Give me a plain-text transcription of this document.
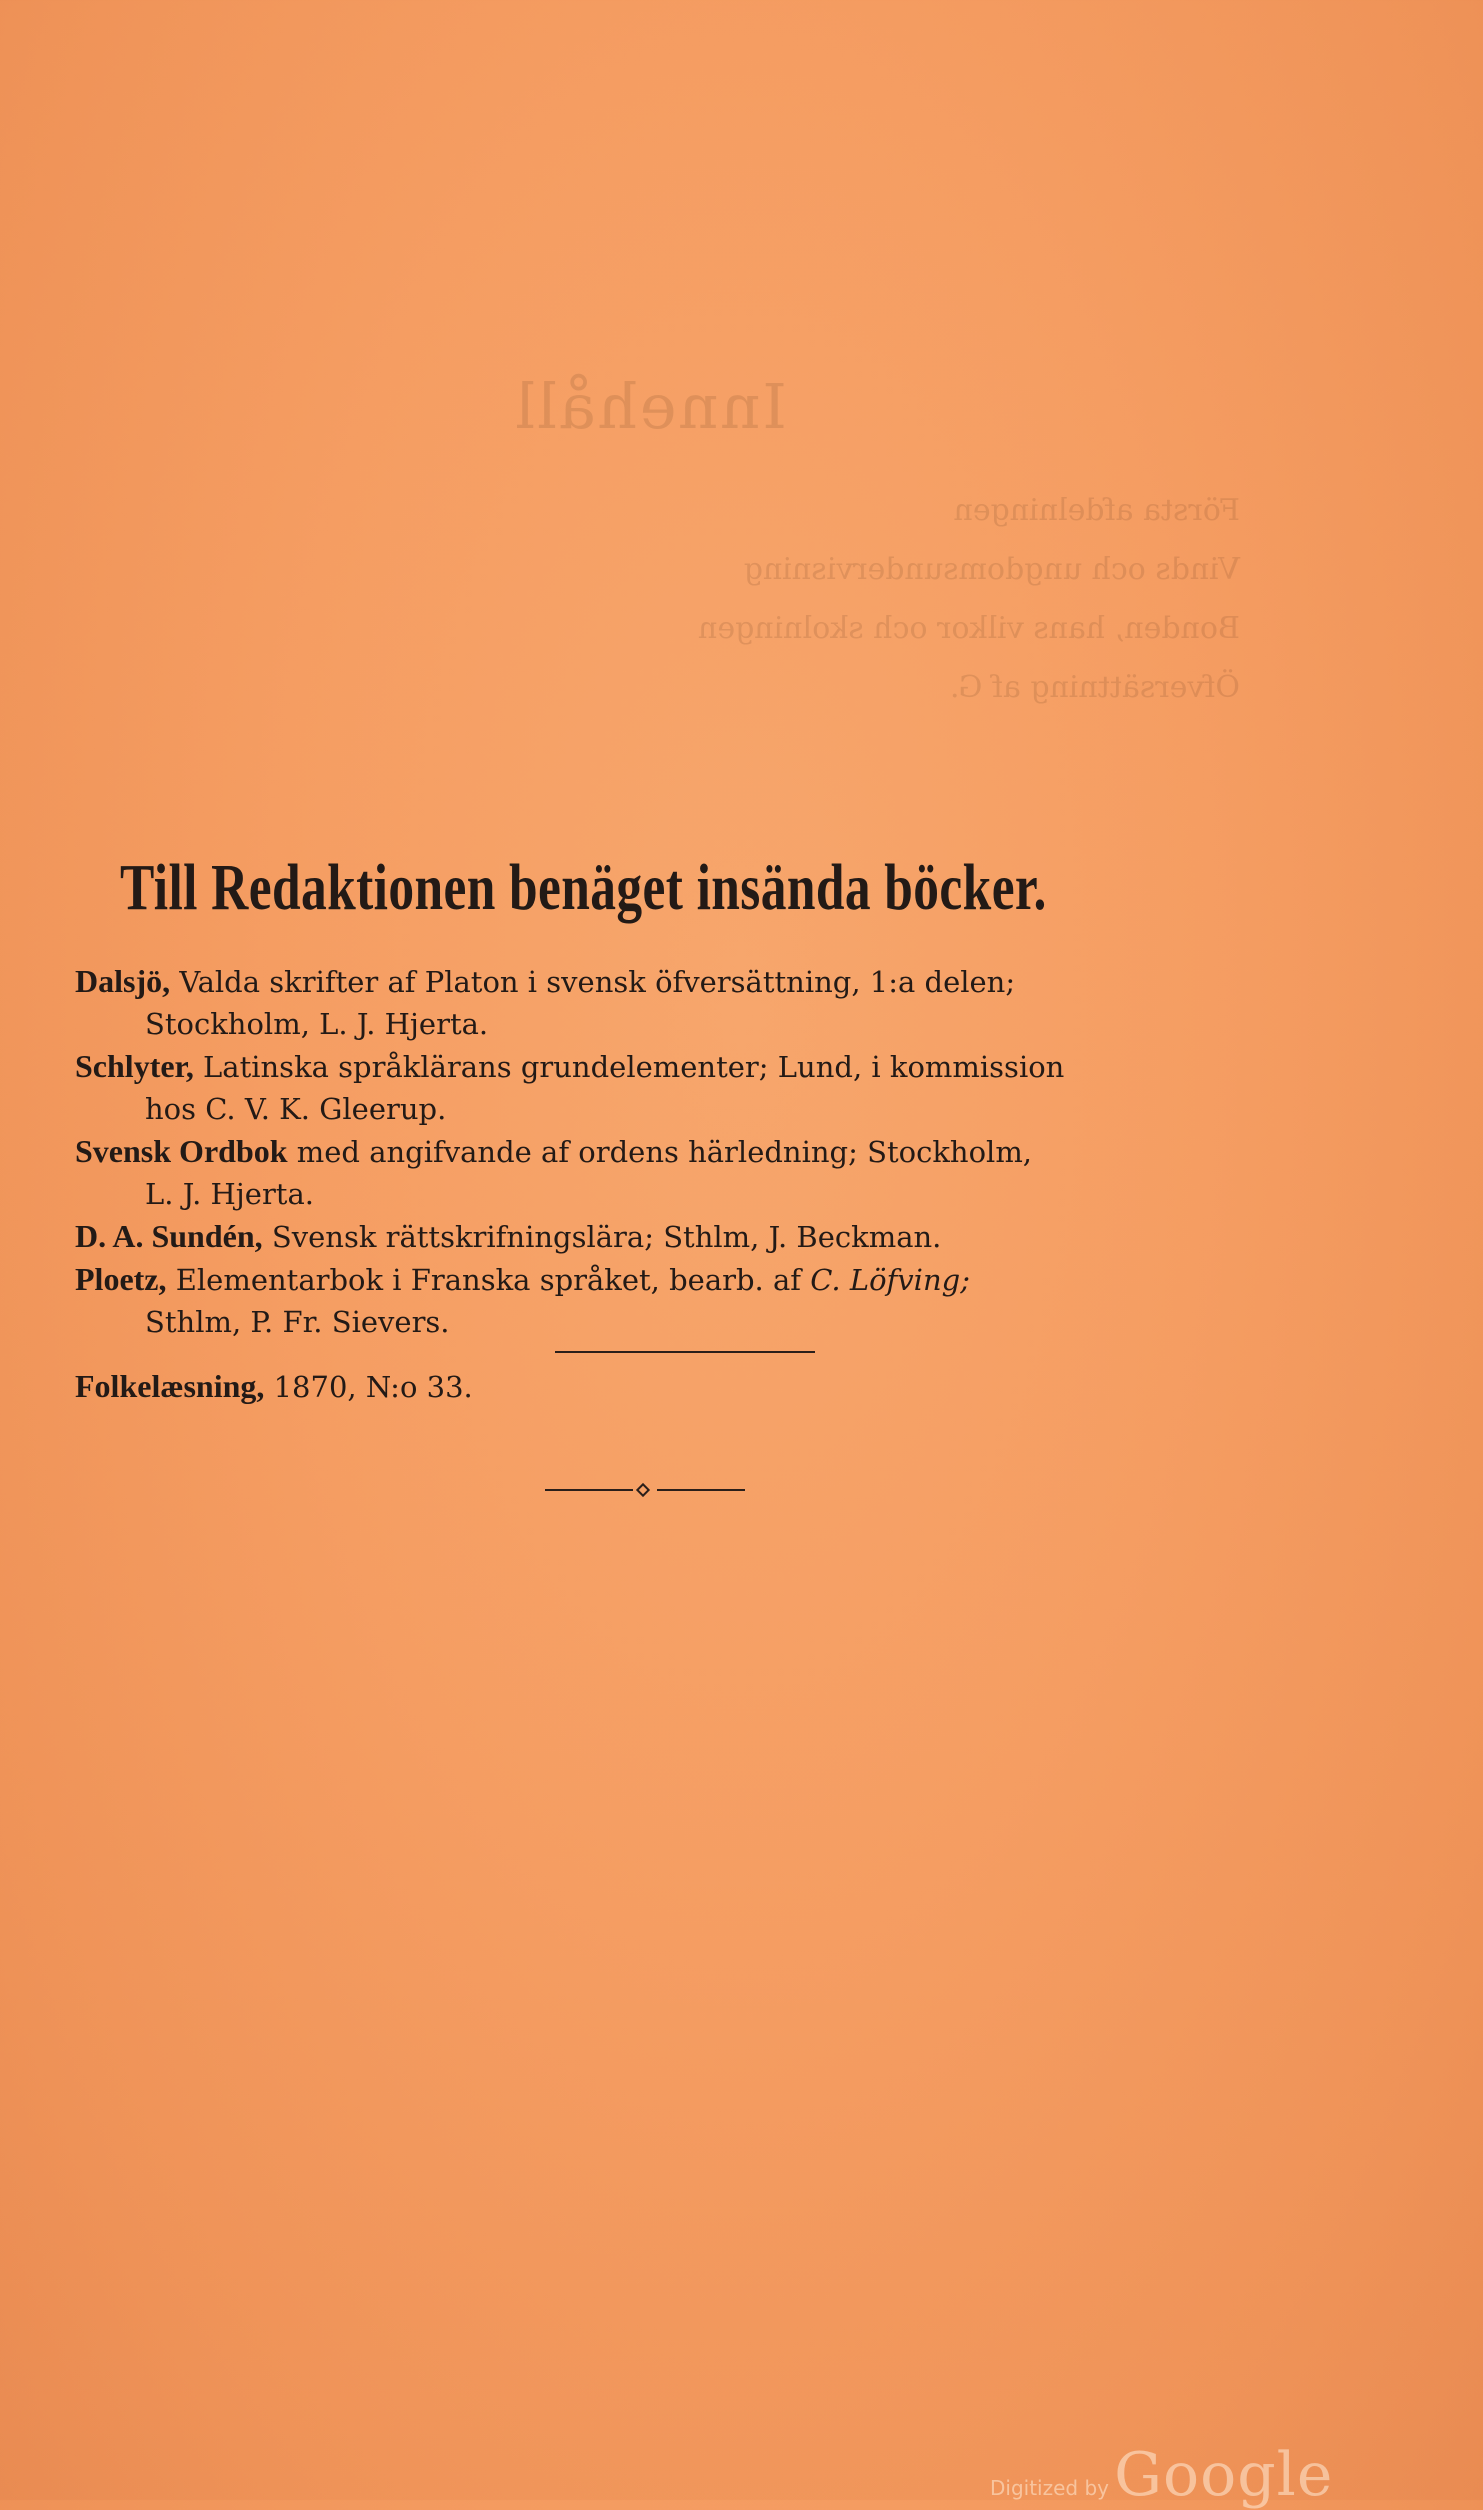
Innehåll
Första afdelningen
Vinds och ungdomsundervisning
Bonden, hans vilkor och skolningen
Öfversättning af G.
Till Redaktionen benäget insända böcker.
Dalsjö, Valda skrifter af Platon i svensk öfversättning, 1:a delen;
Stockholm, L. J. Hjerta.
Schlyter, Latinska språklärans grundelementer; Lund, i kommission
hos C. V. K. Gleerup.
Svensk Ordbok med angifvande af ordens härledning; Stockholm,
L. J. Hjerta.
D. A. Sundén, Svensk rättskrifningslära; Sthlm, J. Beckman.
Ploetz, Elementarbok i Franska språket, bearb. af C. Löfving;
Sthlm, P. Fr. Sievers.
Folkelæsning, 1870, N:o 33.
Digitized by Google
